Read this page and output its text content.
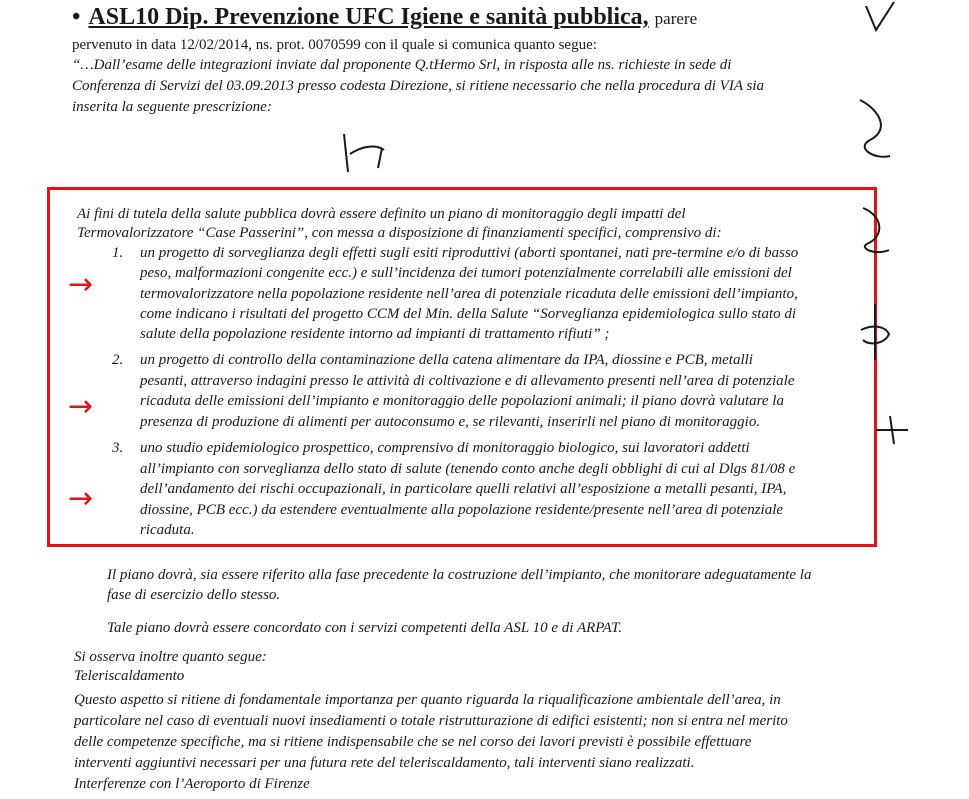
• ASL10 Dip. Prevenzione UFC Igiene e sanità pubblica, parere
pervenuto in data 12/02/2014, ns. prot. 0070599 con il quale si comunica quanto segue:
“…Dall’esame delle integrazioni inviate dal proponente Q.tHermo Srl, in risposta alle ns. richieste in sede di
Conferenza di Servizi del 03.09.2013 presso codesta Direzione, si ritiene necessario che nella procedura di VIA sia
inserita la seguente prescrizione:
Ai fini di tutela della salute pubblica dovrà essere definito un piano di monitoraggio degli impatti del
Termovalorizzatore “Case Passerini”, con messa a disposizione di finanziamenti specifici, comprensivo di:
1. un progetto di sorveglianza degli effetti sugli esiti riproduttivi (aborti spontanei, nati pre-termine e/o di basso
peso, malformazioni congenite ecc.) e sull’incidenza dei tumori potenzialmente correlabili alle emissioni del
termovalorizzatore nella popolazione residente nell’area di potenziale ricaduta delle emissioni dell’impianto,
come indicano i risultati del progetto CCM del Min. della Salute “Sorveglianza epidemiologica sullo stato di
salute della popolazione residente intorno ad impianti di trattamento rifiuti” ;
2. un progetto di controllo della contaminazione della catena alimentare da IPA, diossine e PCB, metalli
pesanti, attraverso indagini presso le attività di coltivazione e di allevamento presenti nell’area di potenziale
ricaduta delle emissioni dell’impianto e monitoraggio delle popolazioni animali; il piano dovrà valutare la
presenza di produzione di alimenti per autoconsumo e, se rilevanti, inserirli nel piano di monitoraggio.
3. uno studio epidemiologico prospettico, comprensivo di monitoraggio biologico, sui lavoratori addetti
all’impianto con sorveglianza dello stato di salute (tenendo conto anche degli obblighi di cui al Dlgs 81/08 e
dell’andamento dei rischi occupazionali, in particolare quelli relativi all’esposizione a metalli pesanti, IPA,
diossine, PCB ecc.) da estendere eventualmente alla popolazione residente/presente nell’area di potenziale
ricaduta.
→
→
→
Il piano dovrà, sia essere riferito alla fase precedente la costruzione dell’impianto, che monitorare adeguatamente la
fase di esercizio dello stesso.
Tale piano dovrà essere concordato con i servizi competenti della ASL 10 e di ARPAT.
Si osserva inoltre quanto segue:
Teleriscaldamento
Questo aspetto si ritiene di fondamentale importanza per quanto riguarda la riqualificazione ambientale dell’area, in
particolare nel caso di eventuali nuovi insediamenti o totale ristrutturazione di edifici esistenti; non si entra nel merito
delle competenze specifiche, ma si ritiene indispensabile che se nel corso dei lavori previsti è possibile effettuare
interventi aggiuntivi necessari per una futura rete del teleriscaldamento, tali interventi siano realizzati.
Interferenze con l’Aeroporto di Firenze
